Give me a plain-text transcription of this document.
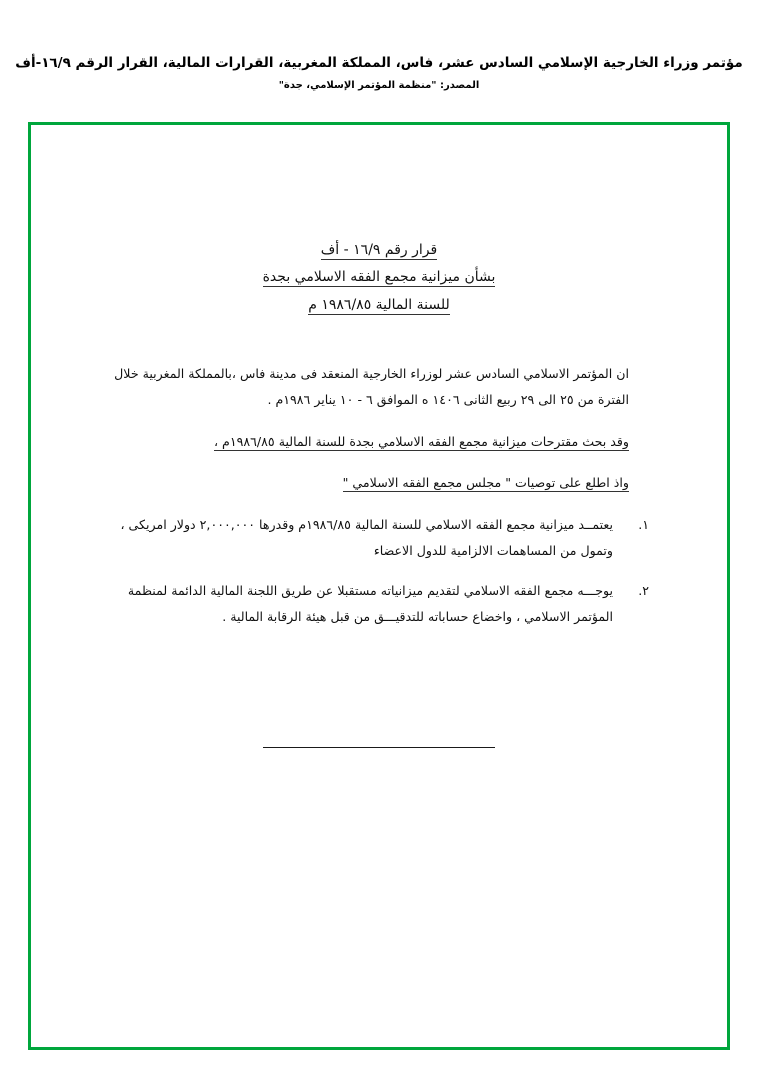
مؤتمر وزراء الخارجية الإسلامي السادس عشر، فاس، المملكة المغربية، القرارات المالية، القرار الرقم ١٦/٩-أف
المصدر: "منظمة المؤتمر الإسلامي، جدة"
قرار رقم ١٦/٩ - أف
بشأن ميزانية مجمع الفقه الاسلامي بجدة
للسنة المالية ١٩٨٦/٨٥ م
ان المؤتمر الاسلامي السادس عشر لوزراء الخارجية المنعقد فى مدينة فاس ،بالمملكة المغربية خلال الفترة من ٢٥ الى ٢٩ ربيع الثانى ١٤٠٦ ه الموافق ٦ - ١٠ يناير ١٩٨٦م .
وقد بحث مقترحات ميزانية مجمع الفقه الاسلامي بجدة للسنة المالية ١٩٨٦/٨٥م ،
واذ اطلع على توصيات " مجلس مجمع الفقه الاسلامي "
١.
يعتمــد ميزانية مجمع الفقه الاسلامي للسنة المالية ١٩٨٦/٨٥م وقدرها ٢,٠٠٠,٠٠٠ دولار امريكى ، وتمول من المساهمات الالزامية للدول الاعضاء
٢.
يوجـــه مجمع الفقه الاسلامي لتقديم ميزانياته مستقبلا عن طريق اللجنة المالية الدائمة لمنظمة المؤتمر الاسلامي ، واخضاع حساباته للتدقيـــق من قبل هيئة الرقابة المالية .
